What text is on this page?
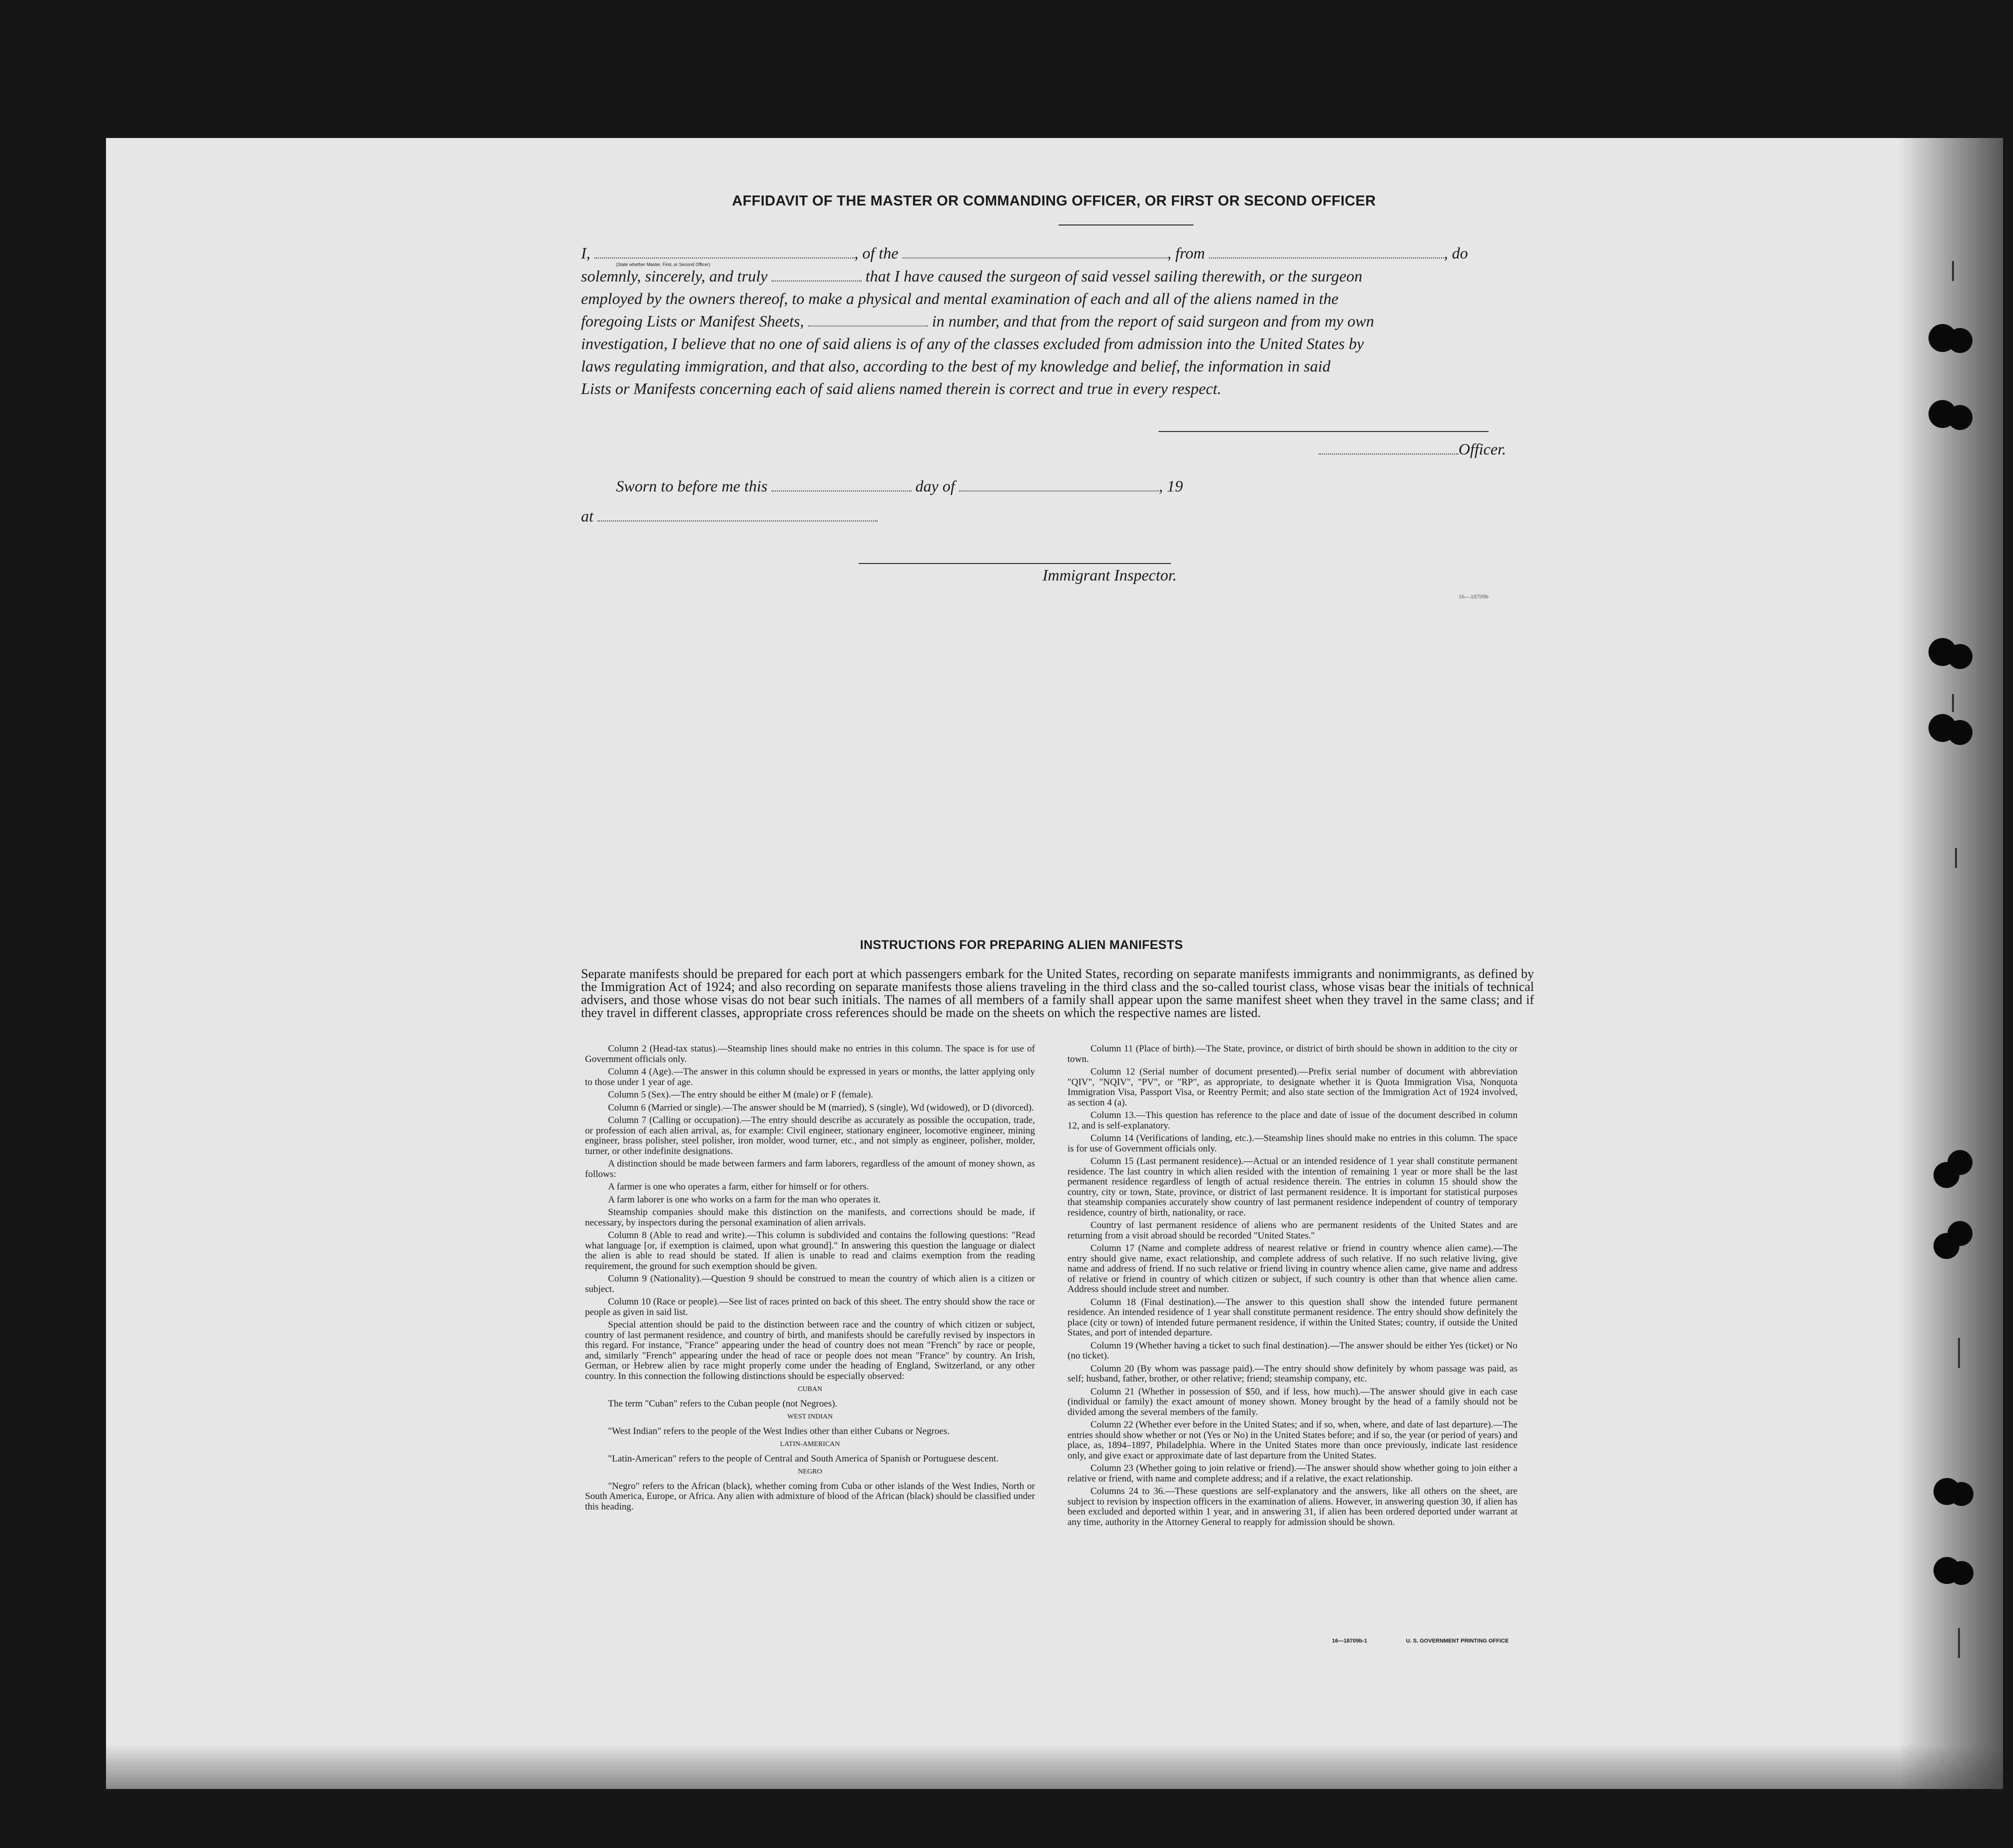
AFFIDAVIT OF THE MASTER OR COMMANDING OFFICER, OR FIRST OR SECOND OFFICER
I,	, of the	, from	, do
(State whether Master, First, or Second Officer)
solemnly, sincerely, and truly	that I have caused the surgeon of said vessel sailing therewith, or the surgeon
employed by the owners thereof, to make a physical and mental examination of each and all of the aliens named in the
foregoing Lists or Manifest Sheets,	in number, and that from the report of said surgeon and from my own
investigation, I believe that no one of said aliens is of any of the classes excluded from admission into the United States by
laws regulating immigration, and that also, according to the best of my knowledge and belief, the information in said
Lists or Manifests concerning each of said aliens named therein is correct and true in every respect.
Officer.
Sworn to before me this	day of	, 19
at
Immigrant Inspector.
16—18709b
INSTRUCTIONS FOR PREPARING ALIEN MANIFESTS
Separate manifests should be prepared for each port at which passengers embark for the United States, recording on separate manifests immigrants and nonimmigrants, as defined by the Immigration Act of 1924; and also recording on separate manifests those aliens traveling in the third class and the so-called tourist class, whose visas bear the initials of technical advisers, and those whose visas do not bear such initials. The names of all members of a family shall appear upon the same manifest sheet when they travel in the same class; and if they travel in different classes, appropriate cross references should be made on the sheets on which the respective names are listed.

Column 2 (Head-tax status).—Steamship lines should make no entries in this column. The space is for use of Government officials only.

Column 4 (Age).—The answer in this column should be expressed in years or months, the latter applying only to those under 1 year of age.

Column 5 (Sex).—The entry should be either M (male) or F (female).

Column 6 (Married or single).—The answer should be M (married), S (single), Wd (widowed), or D (divorced).

Column 7 (Calling or occupation).—The entry should describe as accurately as possible the occupation, trade, or profession of each alien arrival, as, for example: Civil engineer, stationary engineer, locomotive engineer, mining engineer, brass polisher, steel polisher, iron molder, wood turner, etc., and not simply as engineer, polisher, molder, turner, or other indefinite designations.

A distinction should be made between farmers and farm laborers, regardless of the amount of money shown, as follows:

A farmer is one who operates a farm, either for himself or for others.

A farm laborer is one who works on a farm for the man who operates it.

Steamship companies should make this distinction on the manifests, and corrections should be made, if necessary, by inspectors during the personal examination of alien arrivals.

Column 8 (Able to read and write).—This column is subdivided and contains the following questions: "Read what language [or, if exemption is claimed, upon what ground]." In answering this question the language or dialect the alien is able to read should be stated. If alien is unable to read and claims exemption from the reading requirement, the ground for such exemption should be given.

Column 9 (Nationality).—Question 9 should be construed to mean the country of which alien is a citizen or subject.

Column 10 (Race or people).—See list of races printed on back of this sheet. The entry should show the race or people as given in said list.

Special attention should be paid to the distinction between race and the country of which citizen or subject, country of last permanent residence, and country of birth, and manifests should be carefully revised by inspectors in this regard. For instance, "France" appearing under the head of country does not mean "French" by race or people, and, similarly "French" appearing under the head of race or people does not mean "France" by country. An Irish, German, or Hebrew alien by race might properly come under the heading of England, Switzerland, or any other country. In this connection the following distinctions should be especially observed:

CUBAN

The term "Cuban" refers to the Cuban people (not Negroes).

WEST INDIAN

"West Indian" refers to the people of the West Indies other than either Cubans or Negroes.

LATIN-AMERICAN

"Latin-American" refers to the people of Central and South America of Spanish or Portuguese descent.

NEGRO

"Negro" refers to the African (black), whether coming from Cuba or other islands of the West Indies, North or South America, Europe, or Africa. Any alien with admixture of blood of the African (black) should be classified under this heading.

Column 11 (Place of birth).—The State, province, or district of birth should be shown in addition to the city or town.

Column 12 (Serial number of document presented).—Prefix serial number of document with abbreviation "QIV", "NQIV", "PV", or "RP", as appropriate, to designate whether it is Quota Immigration Visa, Nonquota Immigration Visa, Passport Visa, or Reentry Permit; and also state section of the Immigration Act of 1924 involved, as section 4 (a).

Column 13.—This question has reference to the place and date of issue of the document described in column 12, and is self-explanatory.

Column 14 (Verifications of landing, etc.).—Steamship lines should make no entries in this column. The space is for use of Government officials only.

Column 15 (Last permanent residence).—Actual or an intended residence of 1 year shall constitute permanent residence. The last country in which alien resided with the intention of remaining 1 year or more shall be the last permanent residence regardless of length of actual residence therein. The entries in column 15 should show the country, city or town, State, province, or district of last permanent residence. It is important for statistical purposes that steamship companies accurately show country of last permanent residence independent of country of temporary residence, country of birth, nationality, or race.

Country of last permanent residence of aliens who are permanent residents of the United States and are returning from a visit abroad should be recorded "United States."

Column 17 (Name and complete address of nearest relative or friend in country whence alien came).—The entry should give name, exact relationship, and complete address of such relative. If no such relative living, give name and address of friend. If no such relative or friend living in country whence alien came, give name and address of relative or friend in country of which citizen or subject, if such country is other than that whence alien came. Address should include street and number.

Column 18 (Final destination).—The answer to this question shall show the intended future permanent residence. An intended residence of 1 year shall constitute permanent residence. The entry should show definitely the place (city or town) of intended future permanent residence, if within the United States; country, if outside the United States, and port of intended departure.

Column 19 (Whether having a ticket to such final destination).—The answer should be either Yes (ticket) or No (no ticket).

Column 20 (By whom was passage paid).—The entry should show definitely by whom passage was paid, as self; husband, father, brother, or other relative; friend; steamship company, etc.

Column 21 (Whether in possession of $50, and if less, how much).—The answer should give in each case (individual or family) the exact amount of money shown. Money brought by the head of a family should not be divided among the several members of the family.

Column 22 (Whether ever before in the United States; and if so, when, where, and date of last departure).—The entries should show whether or not (Yes or No) in the United States before; and if so, the year (or period of years) and place, as, 1894–1897, Philadelphia. Where in the United States more than once previously, indicate last residence only, and give exact or approximate date of last departure from the United States.

Column 23 (Whether going to join relative or friend).—The answer should show whether going to join either a relative or friend, with name and complete address; and if a relative, the exact relationship.

Columns 24 to 36.—These questions are self-explanatory and the answers, like all others on the sheet, are subject to revision by inspection officers in the examination of aliens. However, in answering question 30, if alien has been excluded and deported within 1 year, and in answering 31, if alien has been ordered deported under warrant at any time, authority in the Attorney General to reapply for admission should be shown.

16—18709b-1	U. S. GOVERNMENT PRINTING OFFICE
